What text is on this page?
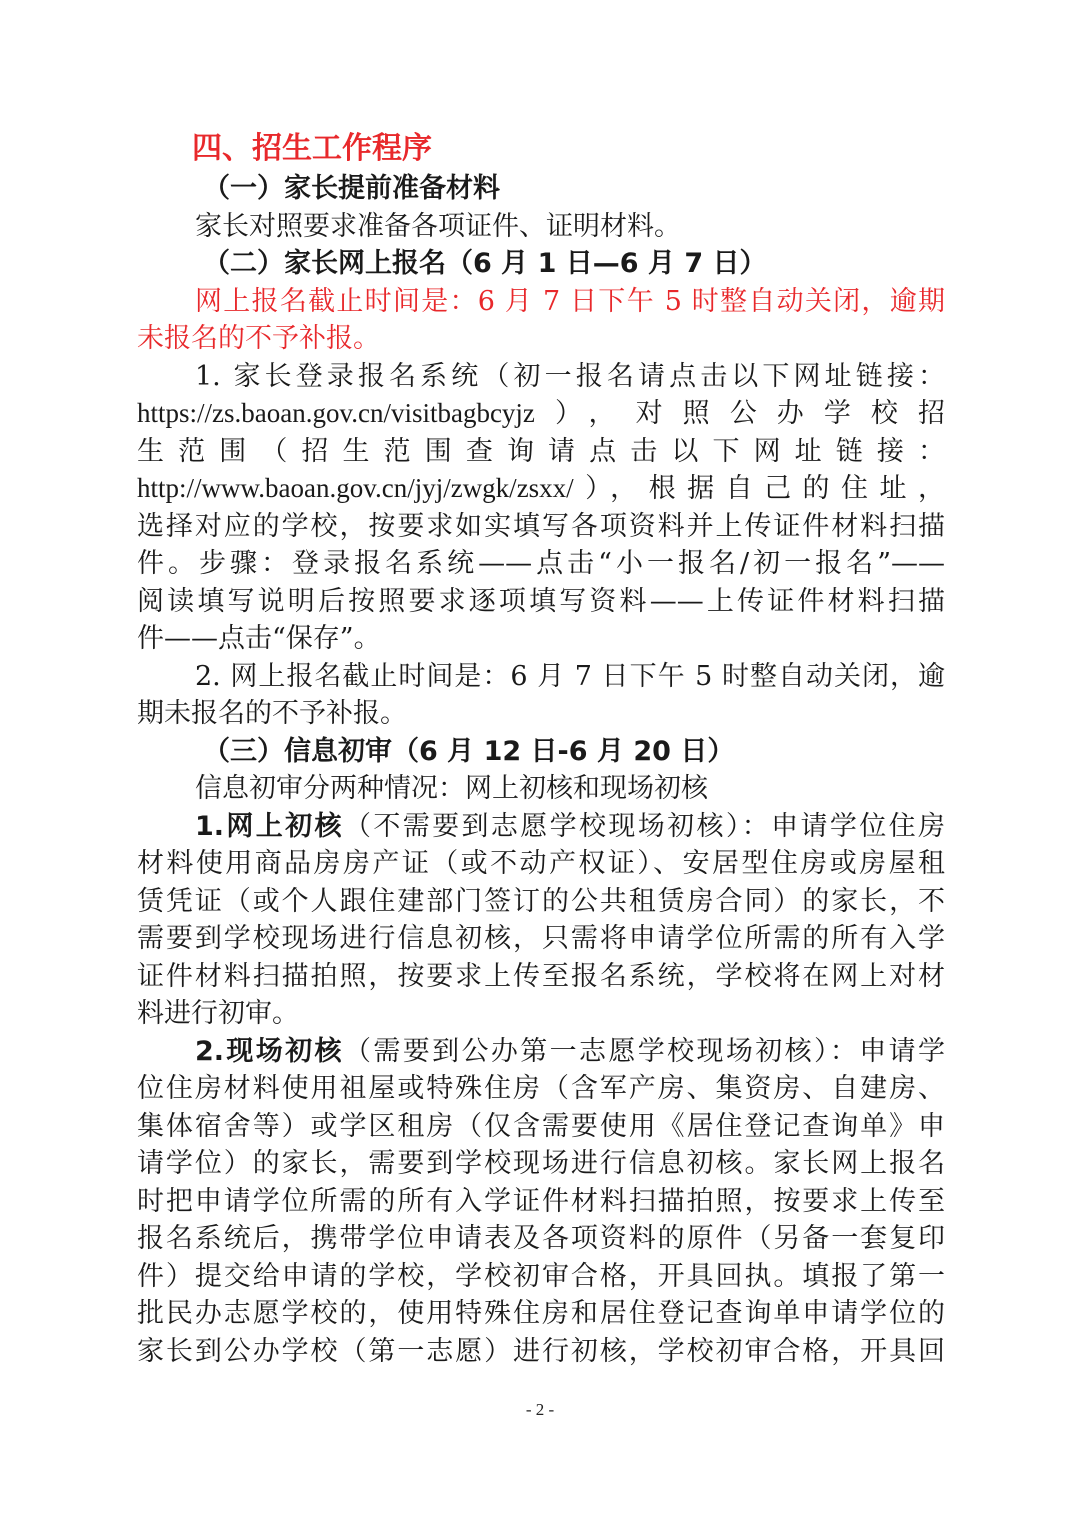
四、招生工作程序
（一）家长提前准备材料
家长对照要求准备各项证件、证明材料。
（二）家长网上报名（6 月 1 日—6 月 7 日）
网上报名截止时间是：6 月 7 日下午 5 时整自动关闭，逾期
未报名的不予补报。
1. 家长登录报名系统（初一报名请点击以下网址链接：
https://zs.baoan.gov.cn/visitbagbcyjz），对照公办学校招
生范围（招生范围查询请点击以下网址链接：
http://www.baoan.gov.cn/jyj/zwgk/zsxx/），根据自己的住址，
选择对应的学校，按要求如实填写各项资料并上传证件材料扫描
件。步骤：登录报名系统——点击“小一报名/初一报名”——
阅读填写说明后按照要求逐项填写资料——上传证件材料扫描
件——点击“保存”。
2. 网上报名截止时间是：6 月 7 日下午 5 时整自动关闭，逾
期未报名的不予补报。
（三）信息初审（6 月 12 日-6 月 20 日）
信息初审分两种情况：网上初核和现场初核
1.网上初核（不需要到志愿学校现场初核）：申请学位住房
材料使用商品房房产证（或不动产权证）、安居型住房或房屋租
赁凭证（或个人跟住建部门签订的公共租赁房合同）的家长，不
需要到学校现场进行信息初核，只需将申请学位所需的所有入学
证件材料扫描拍照，按要求上传至报名系统，学校将在网上对材
料进行初审。
2.现场初核（需要到公办第一志愿学校现场初核）：申请学
位住房材料使用祖屋或特殊住房（含军产房、集资房、自建房、
集体宿舍等）或学区租房（仅含需要使用《居住登记查询单》申
请学位）的家长，需要到学校现场进行信息初核。家长网上报名
时把申请学位所需的所有入学证件材料扫描拍照，按要求上传至
报名系统后，携带学位申请表及各项资料的原件（另备一套复印
件）提交给申请的学校，学校初审合格，开具回执。填报了第一
批民办志愿学校的，使用特殊住房和居住登记查询单申请学位的
家长到公办学校（第一志愿）进行初核，学校初审合格，开具回
- 2 -
